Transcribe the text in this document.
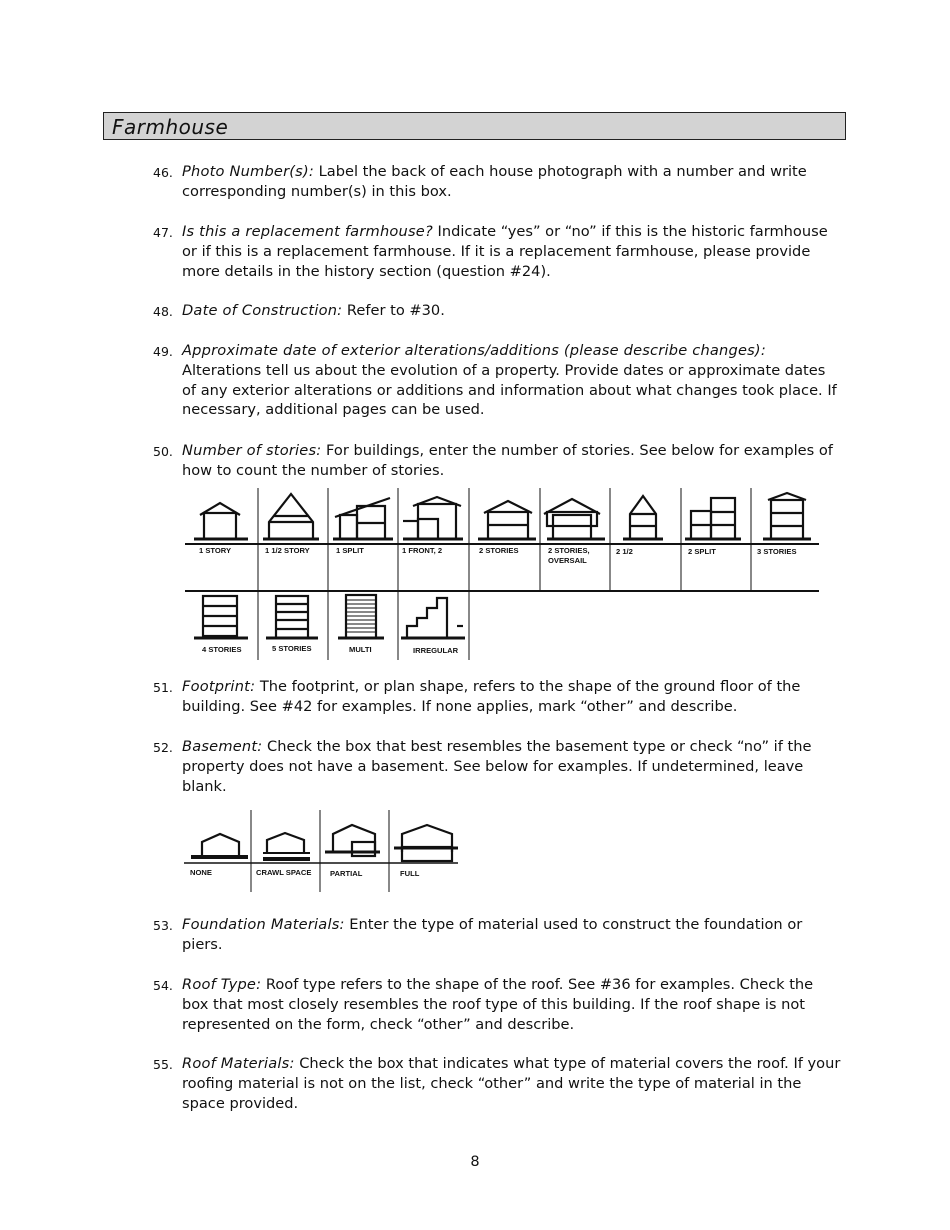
Farmhouse
46. Photo Number(s): Label the back of each house photograph with a number and write corresponding number(s) in this box.
47. Is this a replacement farmhouse? Indicate “yes” or “no” if this is the historic farmhouse or if this is a replacement farmhouse. If it is a replacement farmhouse, please provide more details in the history section (question #24).
48. Date of Construction: Refer to #30.
49. Approximate date of exterior alterations/additions (please describe changes): Alterations tell us about the evolution of a property. Provide dates or approximate dates of any exterior alterations or additions and information about what changes took place. If necessary, additional pages can be used.
50. Number of stories: For buildings, enter the number of stories. See below for examples of how to count the number of stories.
1 STORY	1 1/2 STORY	1 SPLIT	1 FRONT, 2	2 STORIES	2 STORIES,
OVERSAIL
2 1/2	2 SPLIT	3 STORIES
4 STORIES	5 STORIES	MULTI	IRREGULAR
51. Footprint: The footprint, or plan shape, refers to the shape of the ground floor of the building. See #42 for examples. If none applies, mark “other” and describe.
52. Basement: Check the box that best resembles the basement type or check “no” if the property does not have a basement. See below for examples. If undetermined, leave blank.
NONE	CRAWL SPACE PARTIAL	FULL
53. Foundation Materials: Enter the type of material used to construct the foundation or piers.
54. Roof Type: Roof type refers to the shape of the roof. See #36 for examples. Check the box that most closely resembles the roof type of this building. If the roof shape is not represented on the form, check “other” and describe.
55. Roof Materials: Check the box that indicates what type of material covers the roof. If your roofing material is not on the list, check “other” and write the type of material in the space provided.
8
